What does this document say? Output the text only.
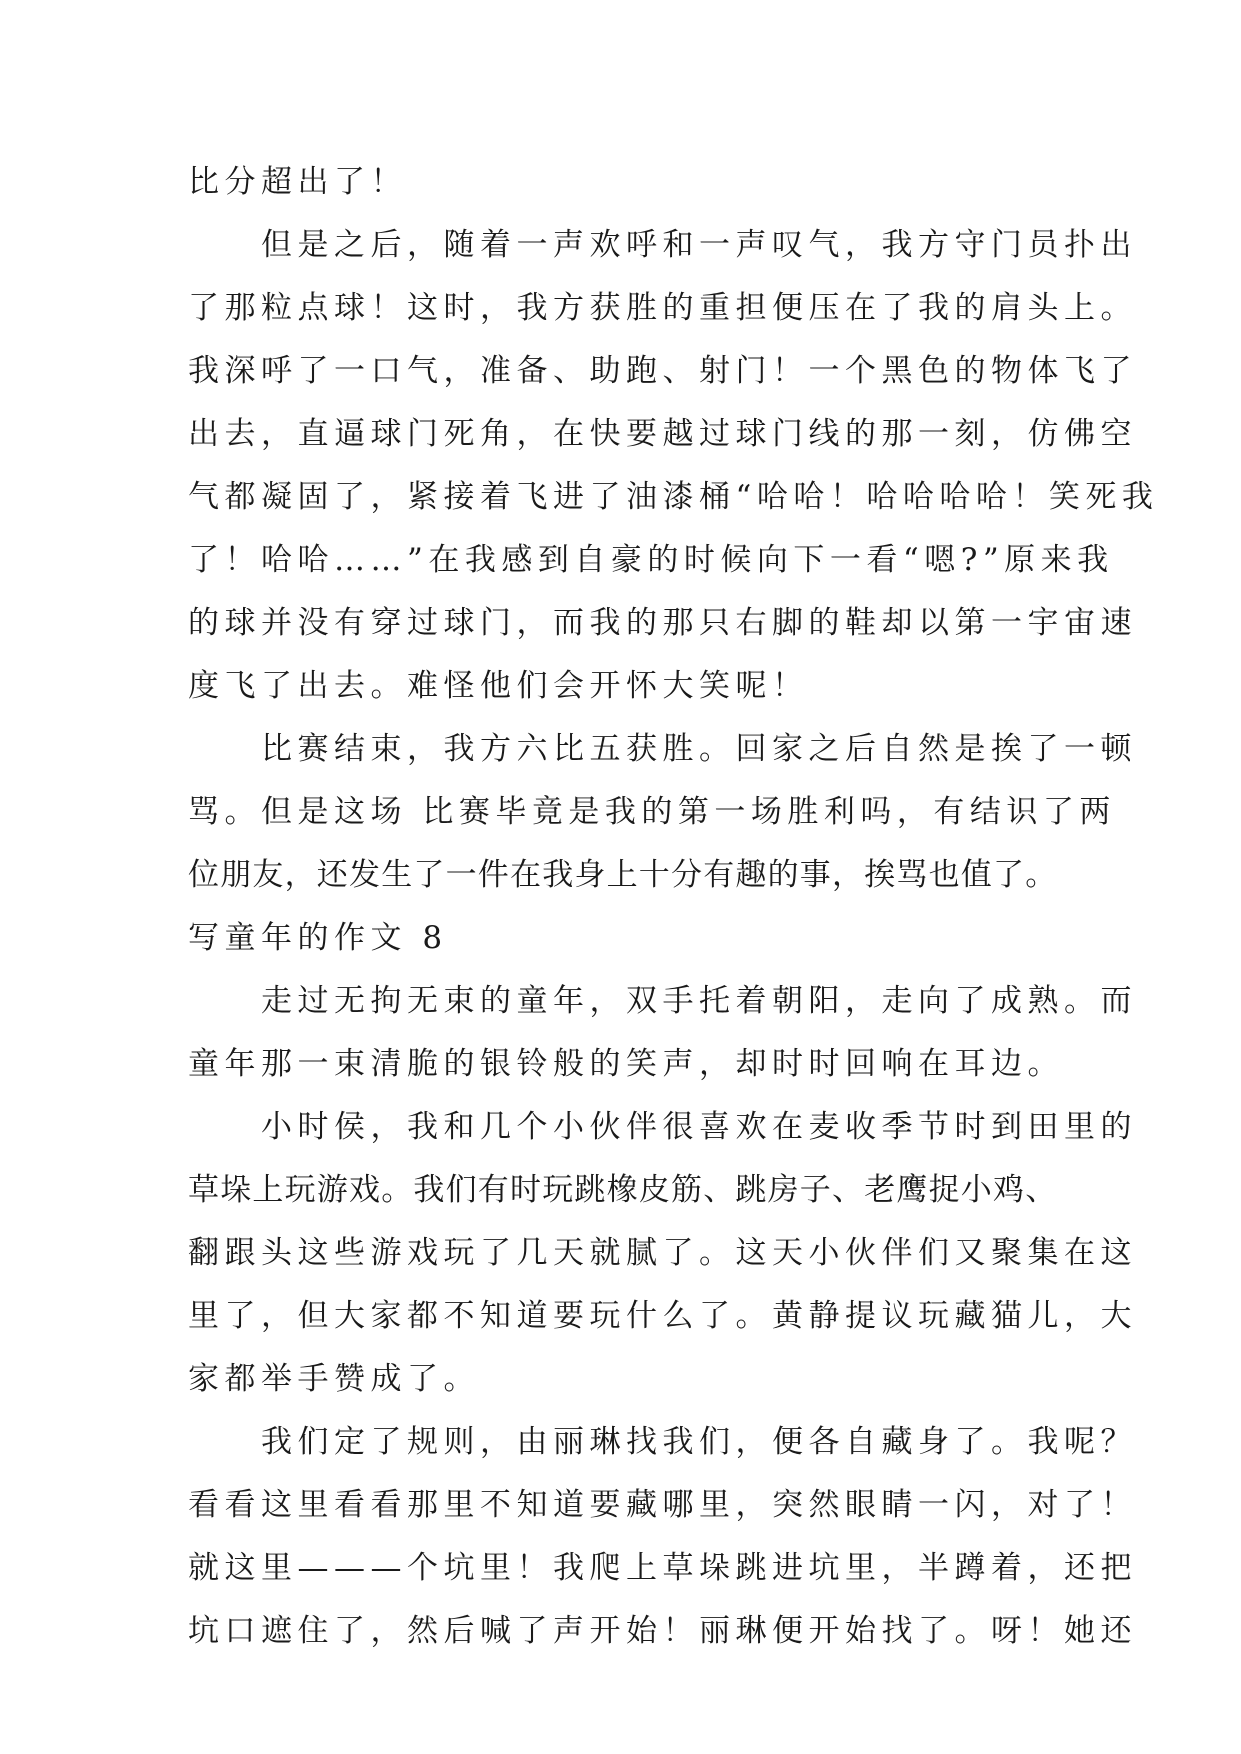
比分超出了！
　　但是之后，随着一声欢呼和一声叹气，我方守门员扑出
了那粒点球！这时，我方获胜的重担便压在了我的肩头上。
我深呼了一口气，准备、助跑、射门！一个黑色的物体飞了
出去，直逼球门死角，在快要越过球门线的那一刻，仿佛空
气都凝固了，紧接着飞进了油漆桶“哈哈！哈哈哈哈！笑死我
了！哈哈……”在我感到自豪的时候向下一看“嗯?”原来我
的球并没有穿过球门，而我的那只右脚的鞋却以第一宇宙速
度飞了出去。难怪他们会开怀大笑呢！
　　比赛结束，我方六比五获胜。回家之后自然是挨了一顿
骂。但是这场 比赛毕竟是我的第一场胜利吗，有结识了两
位朋友，还发生了一件在我身上十分有趣的事，挨骂也值了。
写童年的作文 8
　　走过无拘无束的童年，双手托着朝阳，走向了成熟。而
童年那一束清脆的银铃般的笑声，却时时回响在耳边。
　　小时侯，我和几个小伙伴很喜欢在麦收季节时到田里的
草垛上玩游戏。我们有时玩跳橡皮筋、跳房子、老鹰捉小鸡、
翻跟头这些游戏玩了几天就腻了。这天小伙伴们又聚集在这
里了，但大家都不知道要玩什么了。黄静提议玩藏猫儿，大
家都举手赞成了。
　　我们定了规则，由丽琳找我们，便各自藏身了。我呢？
看看这里看看那里不知道要藏哪里，突然眼睛一闪，对了！
就这里———个坑里！我爬上草垛跳进坑里，半蹲着，还把
坑口遮住了，然后喊了声开始！丽琳便开始找了。呀！她还
